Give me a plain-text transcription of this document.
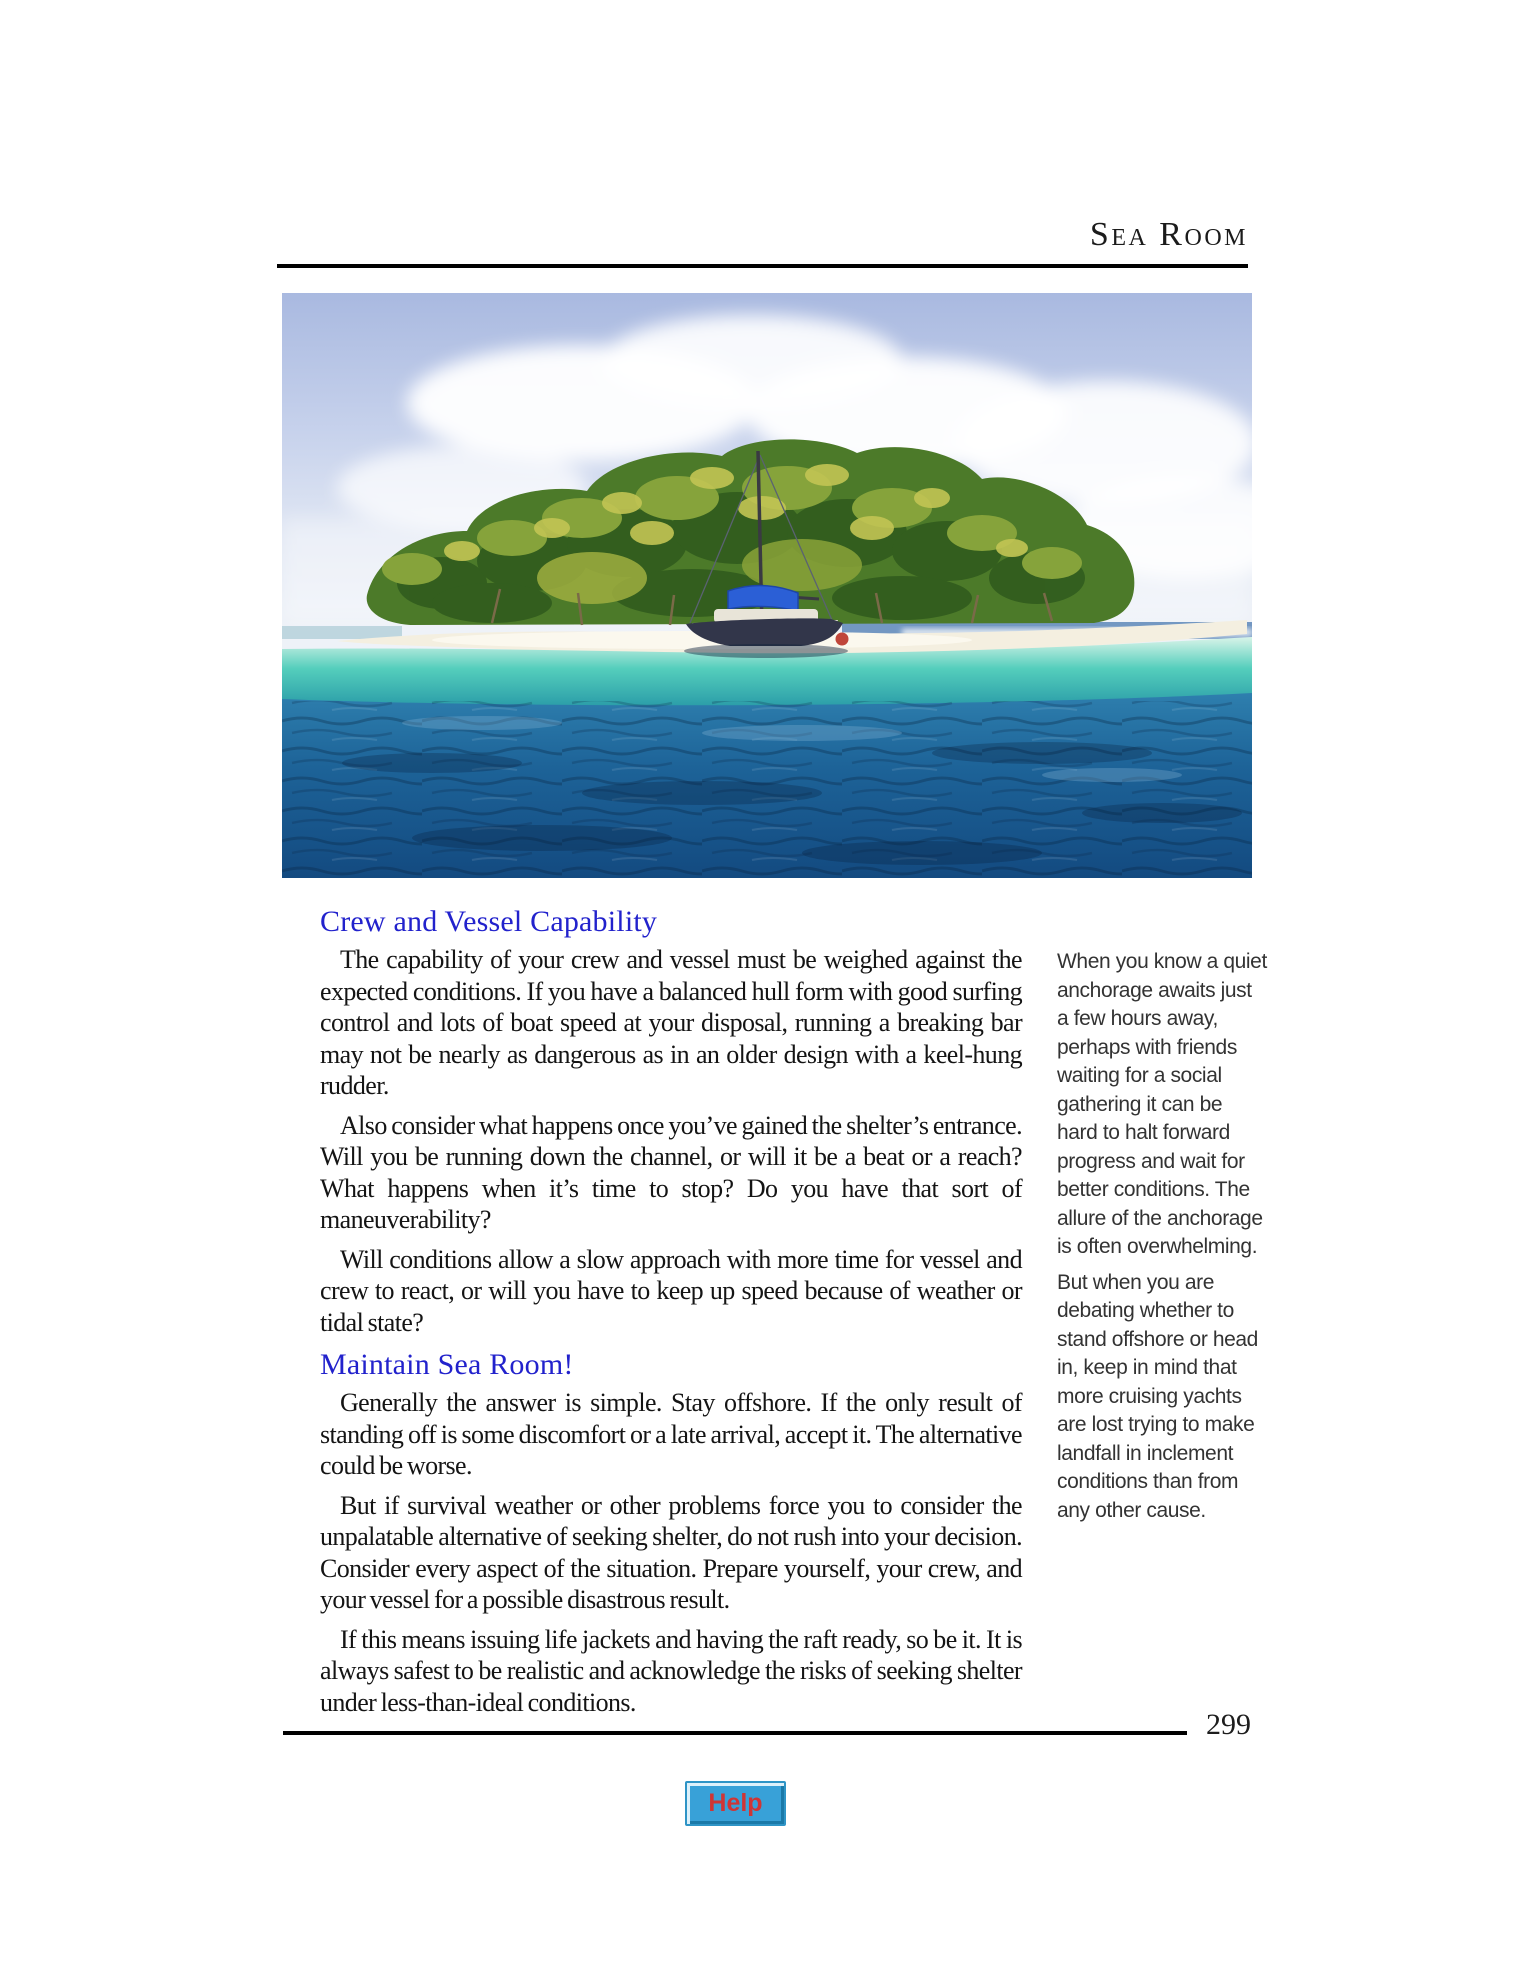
Sea Room
Crew and Vessel Capability

The capability of your crew and vessel must be weighed against the expected conditions. If you have a balanced hull form with good surfing control and lots of boat speed at your disposal, running a breaking bar may not be nearly as dangerous as in an older design with a keel-hung rudder.

Also consider what happens once you’ve gained the shelter’s entrance. Will you be running down the channel, or will it be a beat or a reach? What happens when it’s time to stop? Do you have that sort of maneuverability?

Will conditions allow a slow approach with more time for vessel and crew to react, or will you have to keep up speed because of weather or tidal state?

Maintain Sea Room!

Generally the answer is simple. Stay offshore. If the only result of standing off is some discomfort or a late arrival, accept it. The alternative could be worse.

But if survival weather or other problems force you to consider the unpalatable alternative of seeking shelter, do not rush into your decision. Consider every aspect of the situation. Prepare yourself, your crew, and your vessel for a possible disastrous result.

If this means issuing life jackets and having the raft ready, so be it. It is always safest to be realistic and acknowledge the risks of seeking shelter under less-than-ideal conditions.

When you know a quiet anchorage awaits just a few hours away, perhaps with friends waiting for a social gathering it can be hard to halt forward progress and wait for better conditions. The allure of the anchorage is often overwhelming.

But when you are debating whether to stand offshore or head in, keep in mind that more cruising yachts are lost trying to make landfall in inclement conditions than from any other cause.

299
Help
